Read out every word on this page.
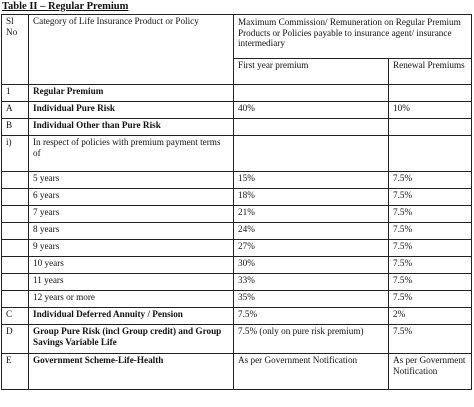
Table II – Regular Premium
Sl No	Category of Life Insurance Product or Policy	Maximum Commission/ Remuneration on Regular Premium Products or Policies payable to insurance agent/ insurance intermediary	
		First year premium	Renewal Premiums
1	Regular Premium		
A	Individual Pure Risk	40%	10%
B	Individual Other than Pure Risk		
i)	In respect of policies with premium payment terms of		
	5 years	15%	7.5%
	6 years	18%	7.5%
	7 years	21%	7.5%
	8 years	24%	7.5%
	9 years	27%	7.5%
	10 years	30%	7.5%
	11 years	33%	7.5%
	12 years or more	35%	7.5%
C	Individual Deferred Annuity / Pension	7.5%	2%
D	Group Pure Risk (incl Group credit) and Group Savings Variable Life	7.5% (only on pure risk premium)	7.5%
E	Government Scheme-Life-Health	As per Government Notification	As per Government Notification
